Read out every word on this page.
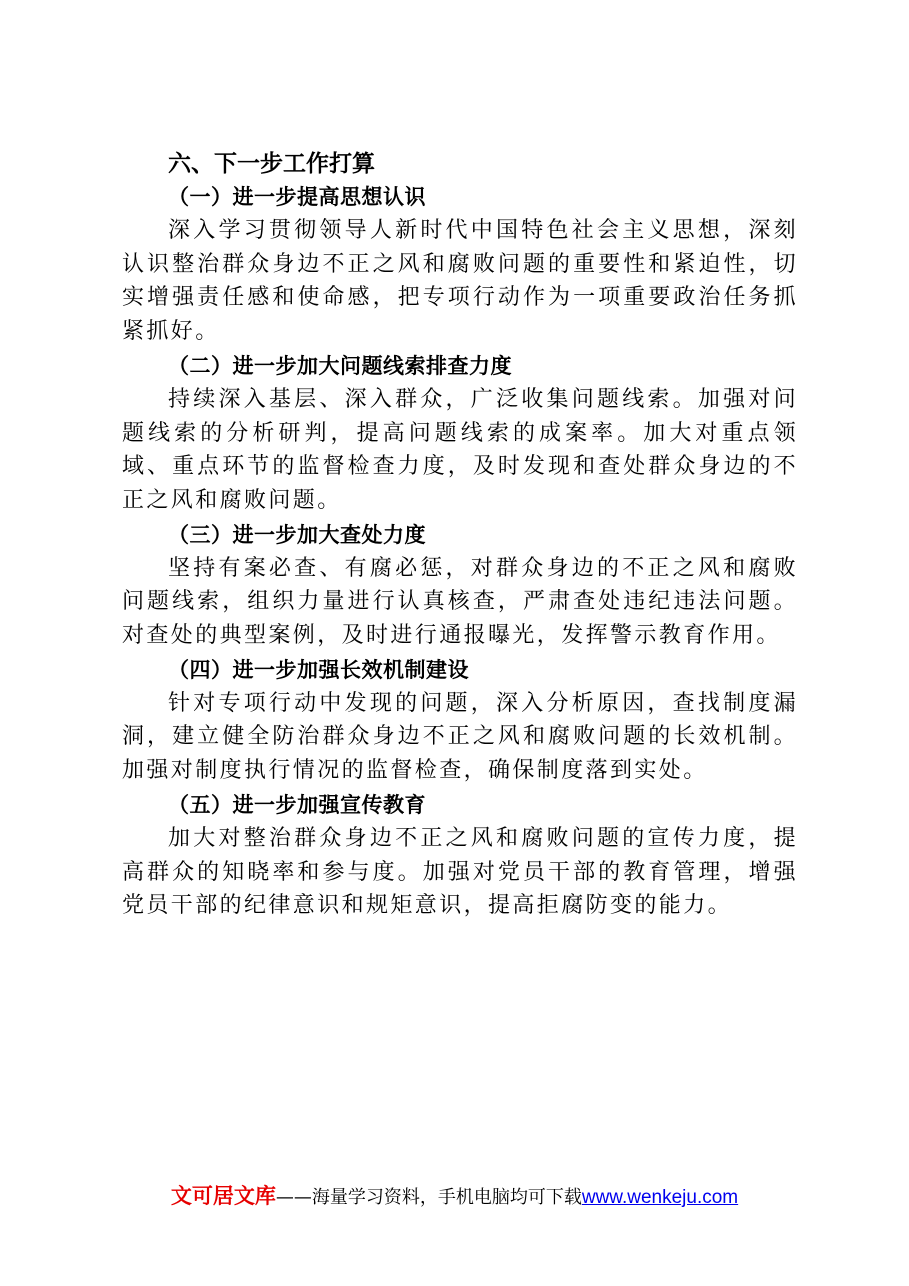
六、下一步工作打算
（一）进一步提高思想认识

深入学习贯彻领导人新时代中国特色社会主义思想，深刻认识整治群众身边不正之风和腐败问题的重要性和紧迫性，切实增强责任感和使命感，把专项行动作为一项重要政治任务抓紧抓好。

（二）进一步加大问题线索排查力度

持续深入基层、深入群众，广泛收集问题线索。加强对问题线索的分析研判，提高问题线索的成案率。加大对重点领域、重点环节的监督检查力度，及时发现和查处群众身边的不正之风和腐败问题。

（三）进一步加大查处力度

坚持有案必查、有腐必惩，对群众身边的不正之风和腐败问题线索，组织力量进行认真核查，严肃查处违纪违法问题。对查处的典型案例，及时进行通报曝光，发挥警示教育作用。

（四）进一步加强长效机制建设

针对专项行动中发现的问题，深入分析原因，查找制度漏洞，建立健全防治群众身边不正之风和腐败问题的长效机制。加强对制度执行情况的监督检查，确保制度落到实处。

（五）进一步加强宣传教育

加大对整治群众身边不正之风和腐败问题的宣传力度，提高群众的知晓率和参与度。加强对党员干部的教育管理，增强党员干部的纪律意识和规矩意识，提高拒腐防变的能力。

文可居文库——海量学习资料，手机电脑均可下载www.wenkeju.com
